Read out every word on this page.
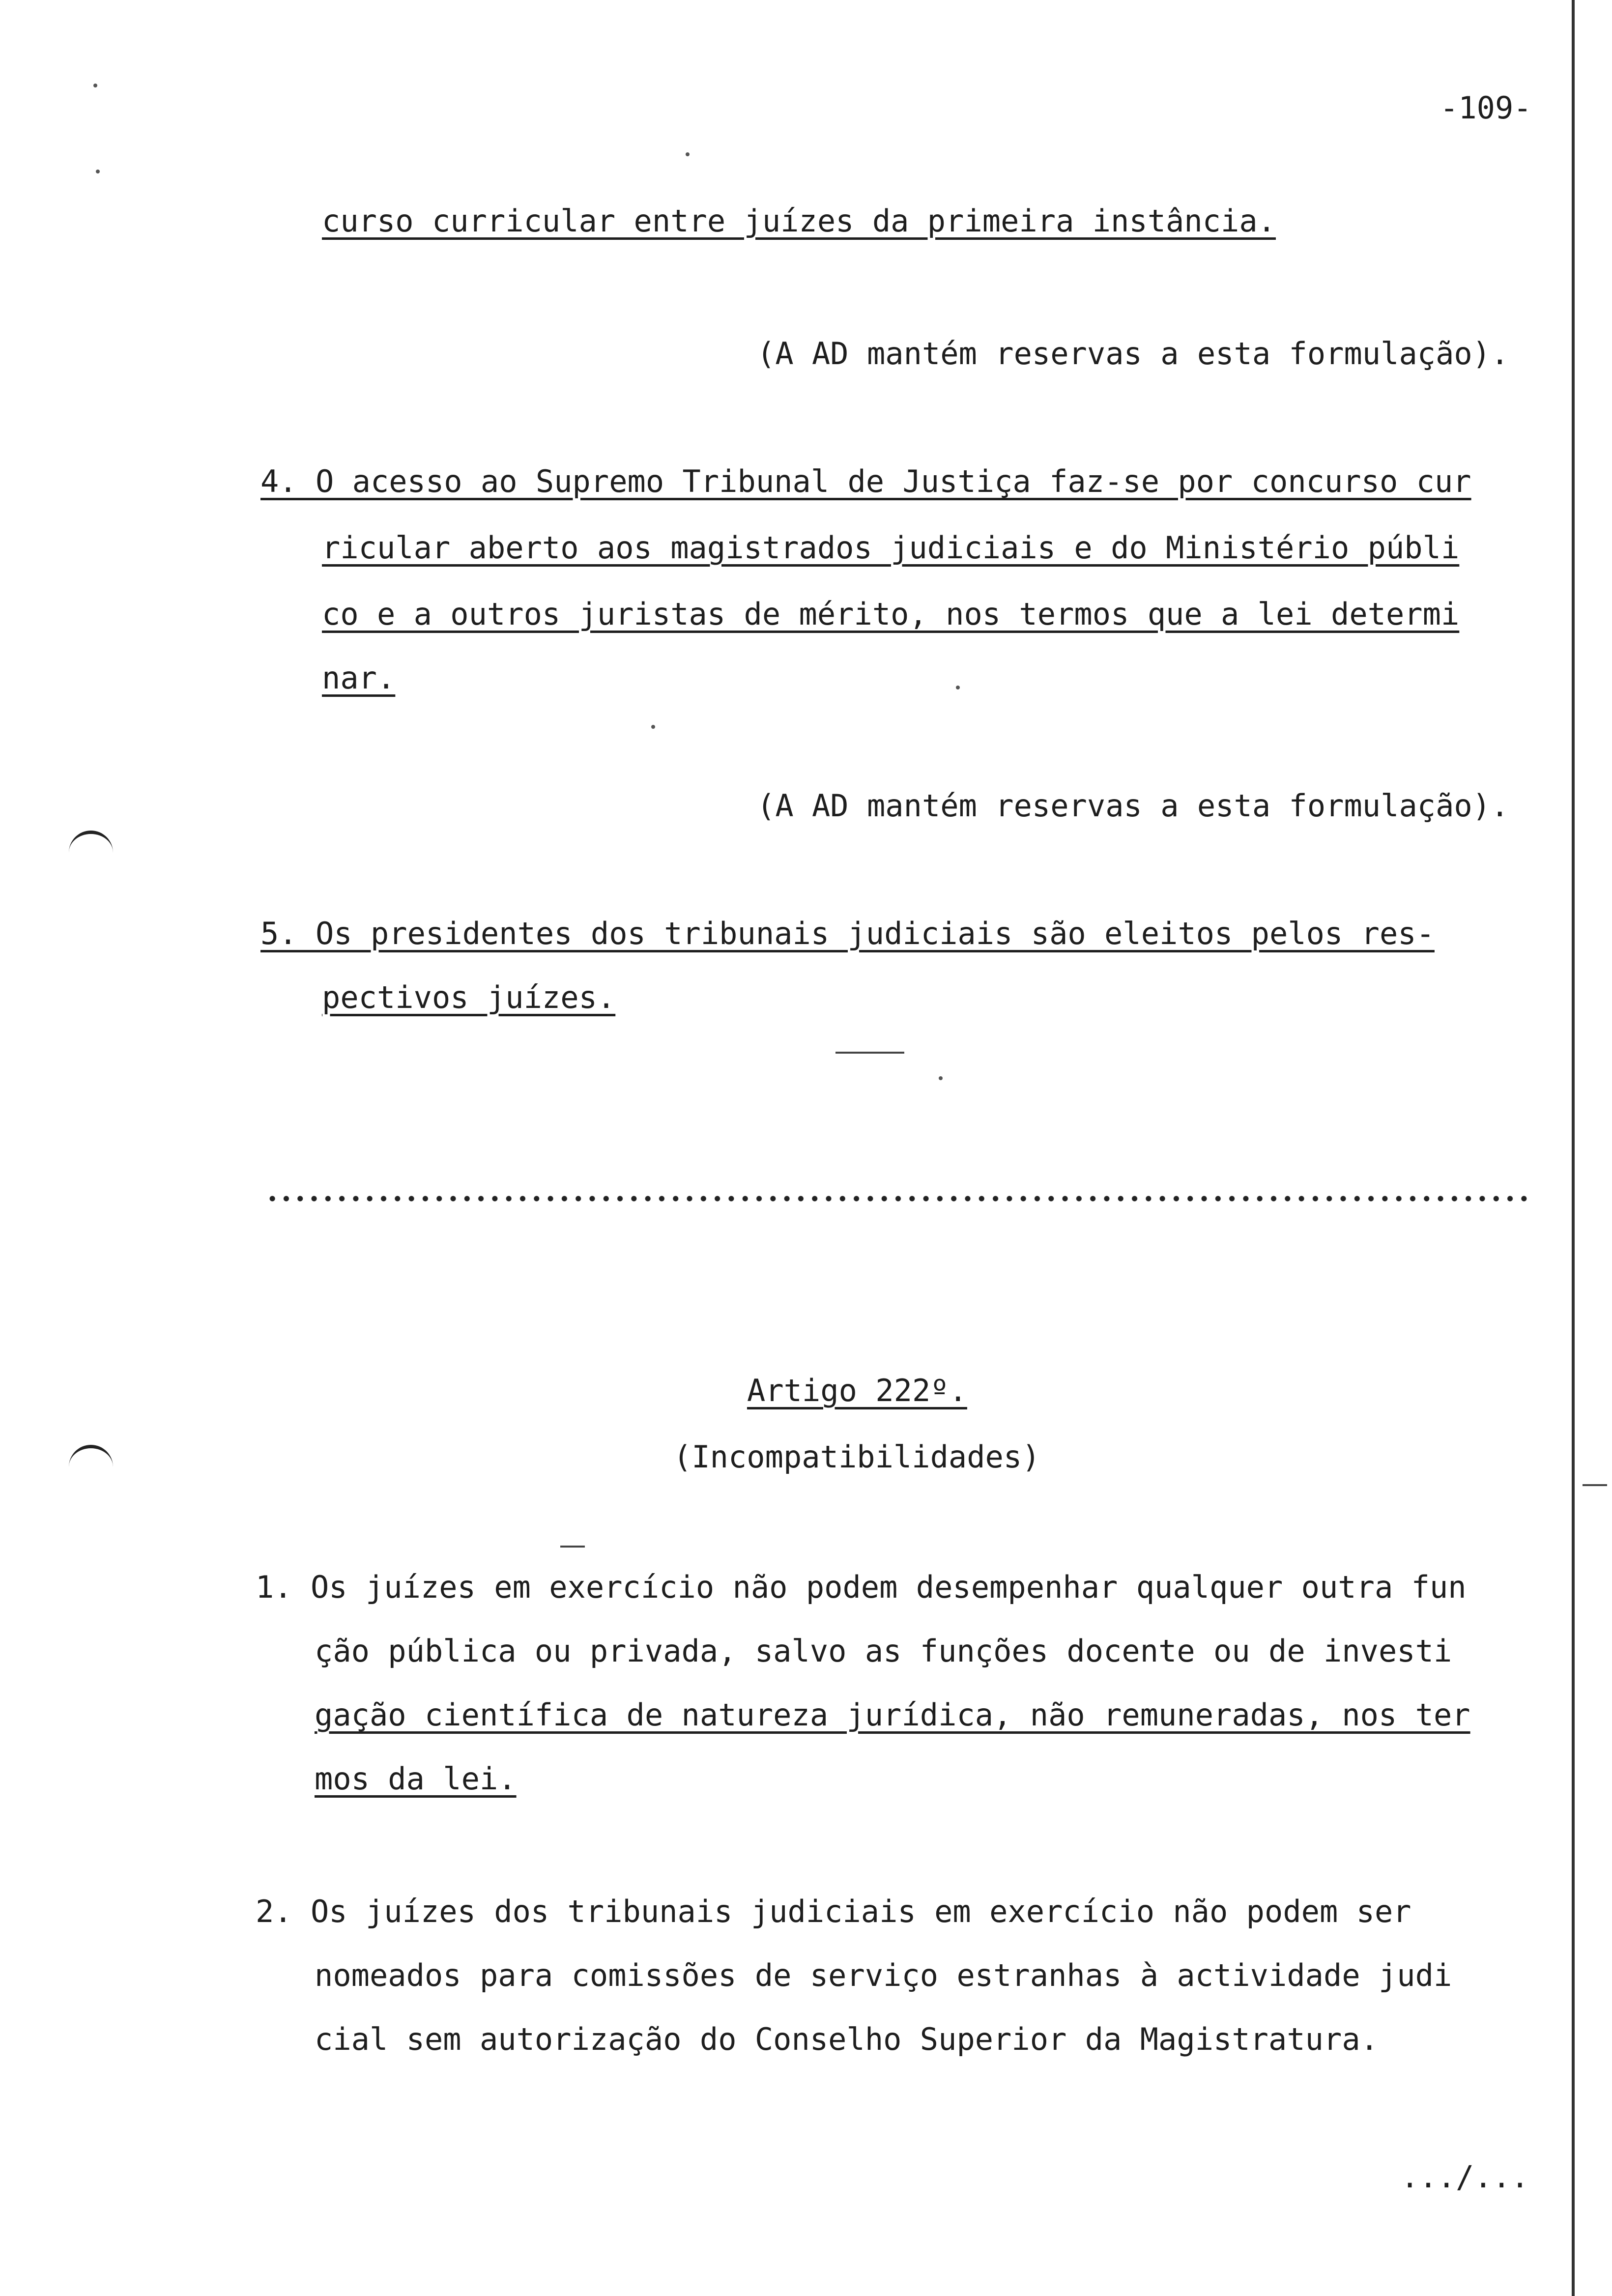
-109-
curso curricular entre juízes da primeira instância.
(A AD mantém reservas a esta formulação).
4. O acesso ao Supremo Tribunal de Justiça faz-se por concurso cur
ricular aberto aos magistrados judiciais e do Ministério públi
co e a outros juristas de mérito, nos termos que a lei determi
nar.
(A AD mantém reservas a esta formulação).
5. Os presidentes dos tribunais judiciais são eleitos pelos res-
pectivos juízes.
Artigo 222º.
(Incompatibilidades)
1. Os juízes em exercício não podem desempenhar qualquer outra fun
ção pública ou privada, salvo as funções docente ou de investi
gação científica de natureza jurídica, não remuneradas, nos ter
mos da lei.
2. Os juízes dos tribunais judiciais em exercício não podem ser
nomeados para comissões de serviço estranhas à actividade judi
cial sem autorização do Conselho Superior da Magistratura.
.../...
